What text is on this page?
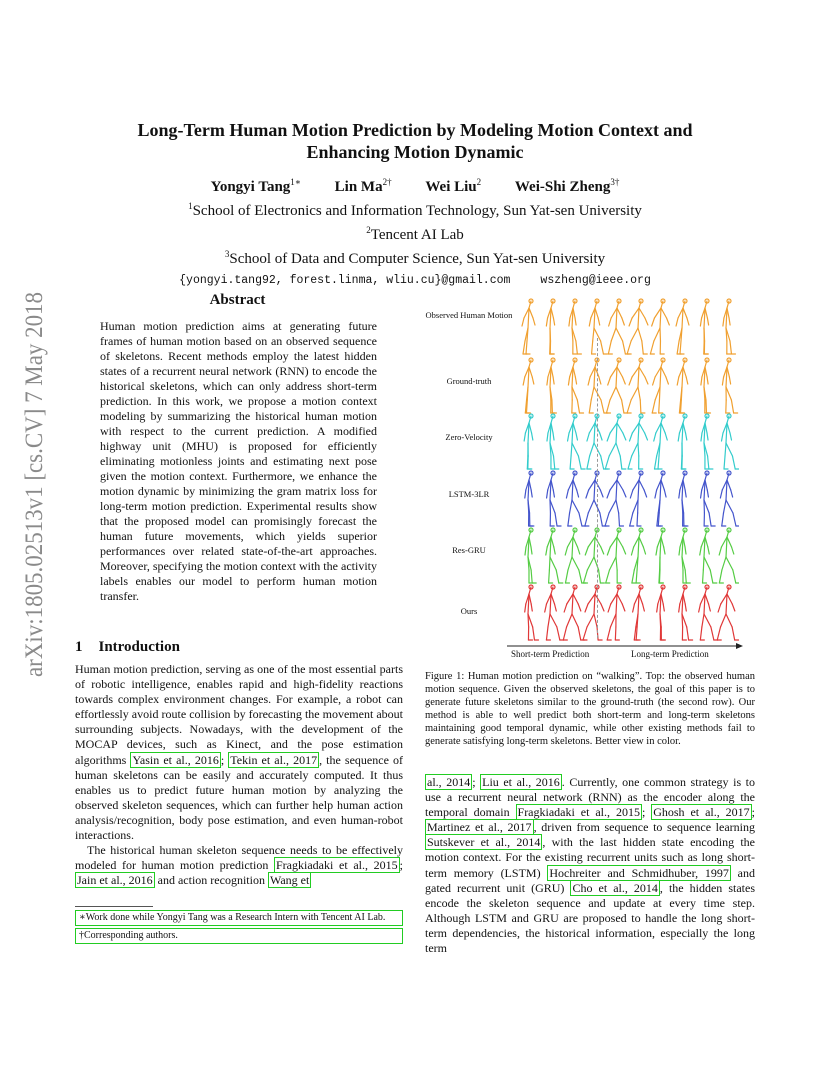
arXiv:1805.02513v1 [cs.CV] 7 May 2018
Long-Term Human Motion Prediction by Modeling Motion Context and
Enhancing Motion Dynamic
Yongyi Tang$^{1∗}$ Lin $Ma^{2\dagger}$ Wei Liu$^2$ Wei-Shi Zheng$^{3\dagger}$
$^1$School of Electronics and Information Technology, Sun Yat-sen University
$^2$Tencent AI Lab
$^3$School of Data and Computer Science, Sun Yat-sen University
{yongyi.tang92, forest.linma, wliu.cu}@gmail.com	wszheng@ieee.org
Abstract
Human motion prediction aims at generating future frames of human motion based on an observed sequence of skeletons. Recent methods employ the latest hidden states of a recurrent neural network (RNN) to encode the historical skeletons, which can only address short-term prediction. In this work, we propose a motion context modeling by summarizing the historical human motion with respect to the current prediction. A modified highway unit (MHU) is proposed for efficiently eliminating motionless joints and estimating next pose given the motion context. Furthermore, we enhance the motion dynamic by minimizing the gram matrix loss for long-term motion prediction. Experimental results show that the proposed model can promisingly forecast the human future movements, which yields superior performances over related state-of-the-art approaches. Moreover, specifying the motion context with the activity labels enables our model to perform human motion transfer.
1 Introduction

Human motion prediction, serving as one of the most essential parts of robotic intelligence, enables rapid and high-fidelity reactions towards complex environment changes. For example, a robot can effortlessly avoid route collision by forecasting the movement about surrounding subjects. Nowadays, with the development of the MOCAP devices, such as Kinect, and the pose estimation algorithms Yasin et al., 2016 ; Tekin et al., 2017 , the sequence of human skeletons can be easily and accurately computed. It thus enables us to predict future human motion by analyzing the observed skeleton sequences, which can further help human action analysis/recognition, body pose estimation, and even human-robot interactions.

The historical human skeleton sequence needs to be effectively modeled for human motion prediction Fragkiadaki et al., 2015 ; Jain et al., 2016 and action recognition Wang et

∗Work done while Yongyi Tang was a Research Intern with Tencent AI Lab.
†Corresponding authors.
Observed Human Motion
Ground-truth
Zero-Velocity
LSTM-3LR
Res-GRU
Ours
Short-term Prediction	Long-term Prediction
Figure 1: Human motion prediction on “walking”. Top: the observed human motion sequence. Given the observed skeletons, the goal of this paper is to generate future skeletons similar to the ground-truth (the second row). Our method is able to well predict both short-term and long-term skeletons maintaining good temporal dynamic, while other existing methods fail to generate satisfying long-term skeletons. Better view in color.

al., 2014 ; Liu et al., 2016 . Currently, one common strategy is to use a recurrent neural network (RNN) as the encoder along the temporal domain Fragkiadaki et al., 2015 ; Ghosh et al., 2017 ; Martinez et al., 2017 , driven from sequence to sequence learning Sutskever et al., 2014 , with the last hidden state encoding the motion context. For the existing recurrent units such as long short-term memory (LSTM) Hochreiter and Schmidhuber, 1997 and gated recurrent unit (GRU) Cho et al., 2014 , the hidden states encode the skeleton sequence and update at every time step. Although LSTM and GRU are proposed to handle the long short-term dependencies, the historical information, especially the long term
